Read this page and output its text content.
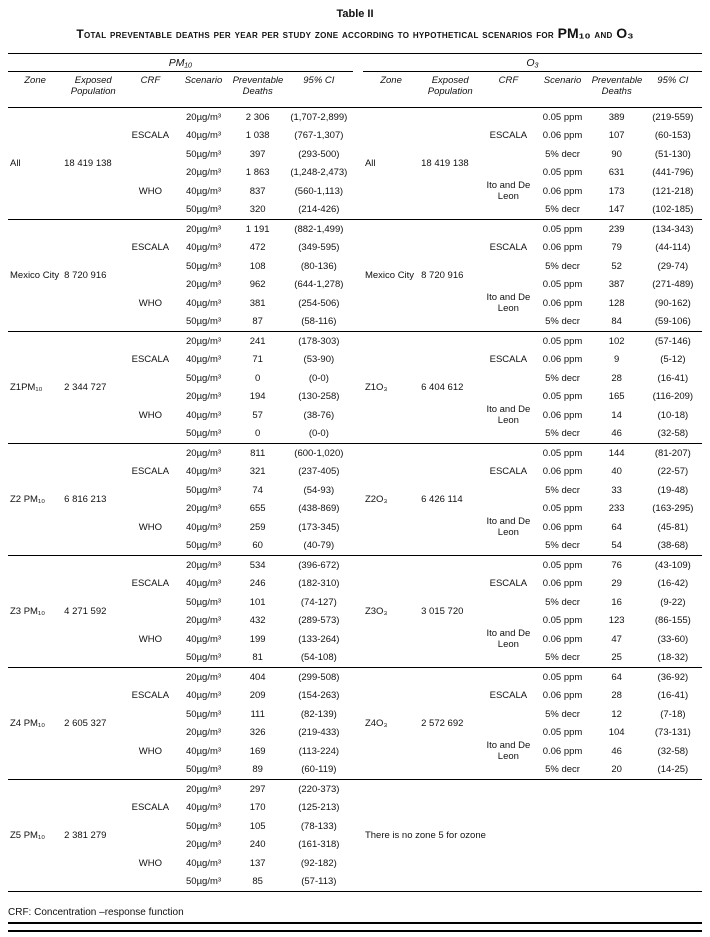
Table II
Total preventable deaths per year per study zone according to hypothetical scenarios for PM₁₀ and O₃
PM₁₀							O₃					
Zone	Exposed Population	CRF	Scenario	Preventable Deaths	95% CI		Zone	Exposed Population	CRF	Scenario	Preventable Deaths	95% CI
All	18 419 138	ESCALA	20µg/m³	2 306	(1,707-2,899)		All	18 419 138	ESCALA	0.05 ppm	389	(219-559)
			40µg/m³	1 038	(767-1,307)					0.06 ppm	107	(60-153)
			50µg/m³	397	(293-500)					5% decr	90	(51-130)
		WHO	20µg/m³	1 863	(1,248-2,473)				Ito and De Leon	0.05 ppm	631	(441-796)
			40µg/m³	837	(560-1,113)					0.06 ppm	173	(121-218)
			50µg/m³	320	(214-426)					5% decr	147	(102-185)
Mexico City	8 720 916	ESCALA	20µg/m³	1 191	(882-1,499)		Mexico City	8 720 916	ESCALA	0.05 ppm	239	(134-343)
			40µg/m³	472	(349-595)					0.06 ppm	79	(44-114)
			50µg/m³	108	(80-136)					5% decr	52	(29-74)
		WHO	20µg/m³	962	(644-1,278)				Ito and De Leon	0.05 ppm	387	(271-489)
			40µg/m³	381	(254-506)					0.06 ppm	128	(90-162)
			50µg/m³	87	(58-116)					5% decr	84	(59-106)
Z1PM₁₀	2 344 727	ESCALA	20µg/m³	241	(178-303)		Z1O₃	6 404 612	ESCALA	0.05 ppm	102	(57-146)
			40µg/m³	71	(53-90)					0.06 ppm	9	(5-12)
			50µg/m³	0	(0-0)					5% decr	28	(16-41)
		WHO	20µg/m³	194	(130-258)				Ito and De Leon	0.05 ppm	165	(116-209)
			40µg/m³	57	(38-76)					0.06 ppm	14	(10-18)
			50µg/m³	0	(0-0)					5% decr	46	(32-58)
Z2 PM₁₀	6 816 213	ESCALA	20µg/m³	811	(600-1,020)		Z2O₃	6 426 114	ESCALA	0.05 ppm	144	(81-207)
			40µg/m³	321	(237-405)					0.06 ppm	40	(22-57)
			50µg/m³	74	(54-93)					5% decr	33	(19-48)
		WHO	20µg/m³	655	(438-869)				Ito and De Leon	0.05 ppm	233	(163-295)
			40µg/m³	259	(173-345)					0.06 ppm	64	(45-81)
			50µg/m³	60	(40-79)					5% decr	54	(38-68)
Z3 PM₁₀	4 271 592	ESCALA	20µg/m³	534	(396-672)		Z3O₃	3 015 720	ESCALA	0.05 ppm	76	(43-109)
			40µg/m³	246	(182-310)					0.06 ppm	29	(16-42)
			50µg/m³	101	(74-127)					5% decr	16	(9-22)
		WHO	20µg/m³	432	(289-573)				Ito and De Leon	0.05 ppm	123	(86-155)
			40µg/m³	199	(133-264)					0.06 ppm	47	(33-60)
			50µg/m³	81	(54-108)					5% decr	25	(18-32)
Z4 PM₁₀	2 605 327	ESCALA	20µg/m³	404	(299-508)		Z4O₃	2 572 692	ESCALA	0.05 ppm	64	(36-92)
			40µg/m³	209	(154-263)					0.06 ppm	28	(16-41)
			50µg/m³	111	(82-139)					5% decr	12	(7-18)
		WHO	20µg/m³	326	(219-433)				Ito and De Leon	0.05 ppm	104	(73-131)
			40µg/m³	169	(113-224)					0.06 ppm	46	(32-58)
			50µg/m³	89	(60-119)					5% decr	20	(14-25)
Z5 PM₁₀	2 381 279	ESCALA	20µg/m³	297	(220-373)		There is no zone 5 for ozone					
			40µg/m³	170	(125-213)							
			50µg/m³	105	(78-133)							
		WHO	20µg/m³	240	(161-318)							
			40µg/m³	137	(92-182)							
			50µg/m³	85	(57-113)							
CRF: Concentration –response function
